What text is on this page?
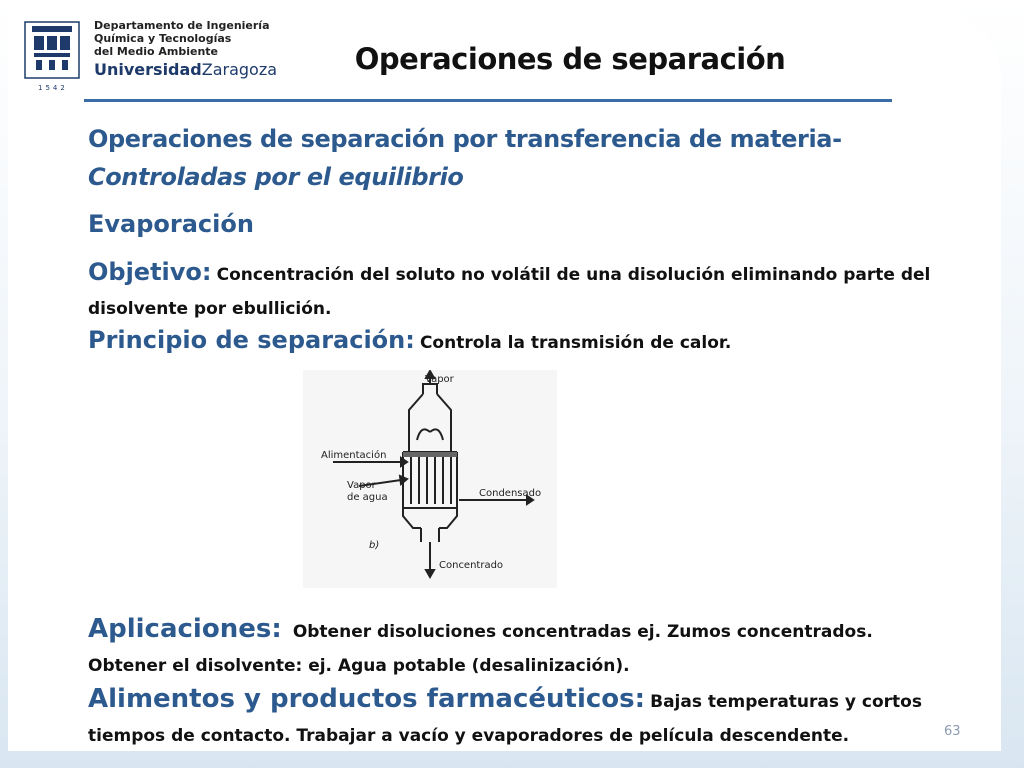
Departamento de Ingeniería
Química y Tecnologías
del Medio Ambiente
UniversidadZaragoza
1542
Operaciones de separación
Operaciones de separación por transferencia de materia-
Controladas por el equilibrio
Evaporación
Objetivo: Concentración del soluto no volátil de una disolución eliminando parte del disolvente por ebullición.
Principio de separación: Controla la transmisión de calor.
Vapor
Alimentación
Vapor
de agua	Condensado
Concentrado
b)
Aplicaciones: Obtener disoluciones concentradas ej. Zumos concentrados.
Obtener el disolvente: ej. Agua potable (desalinización).
Alimentos y productos farmacéuticos: Bajas temperaturas y cortos tiempos de contacto. Trabajar a vacío y evaporadores de película descendente.	63
